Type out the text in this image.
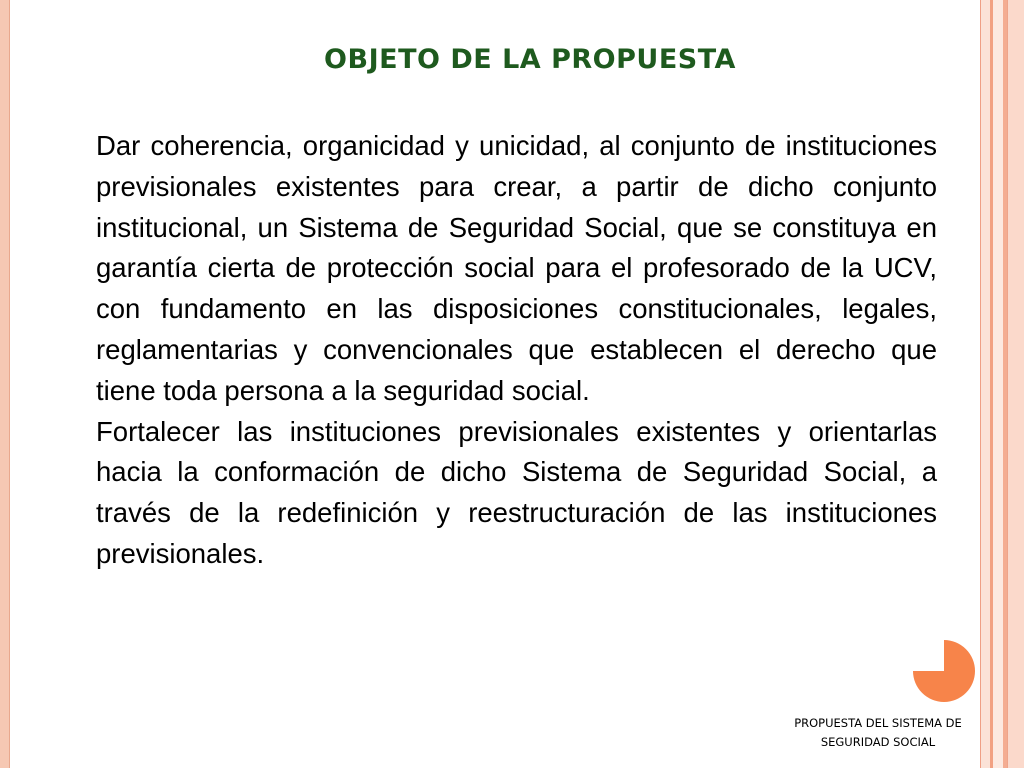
OBJETO DE LA PROPUESTA

Dar coherencia, organicidad y unicidad, al conjunto de instituciones previsionales existentes para crear, a partir de dicho conjunto institucional, un Sistema de Seguridad Social, que se constituya en garantía cierta de protección social para el profesorado de la UCV, con fundamento en las disposiciones constitucionales, legales, reglamentarias y convencionales que establecen el derecho que tiene toda persona a la seguridad social.

Fortalecer las instituciones previsionales existentes y orientarlas hacia la conformación de dicho Sistema de Seguridad Social, a través de la redefinición y reestructuración de las instituciones previsionales.

PROPUESTA DEL SISTEMA DE
SEGURIDAD SOCIAL
